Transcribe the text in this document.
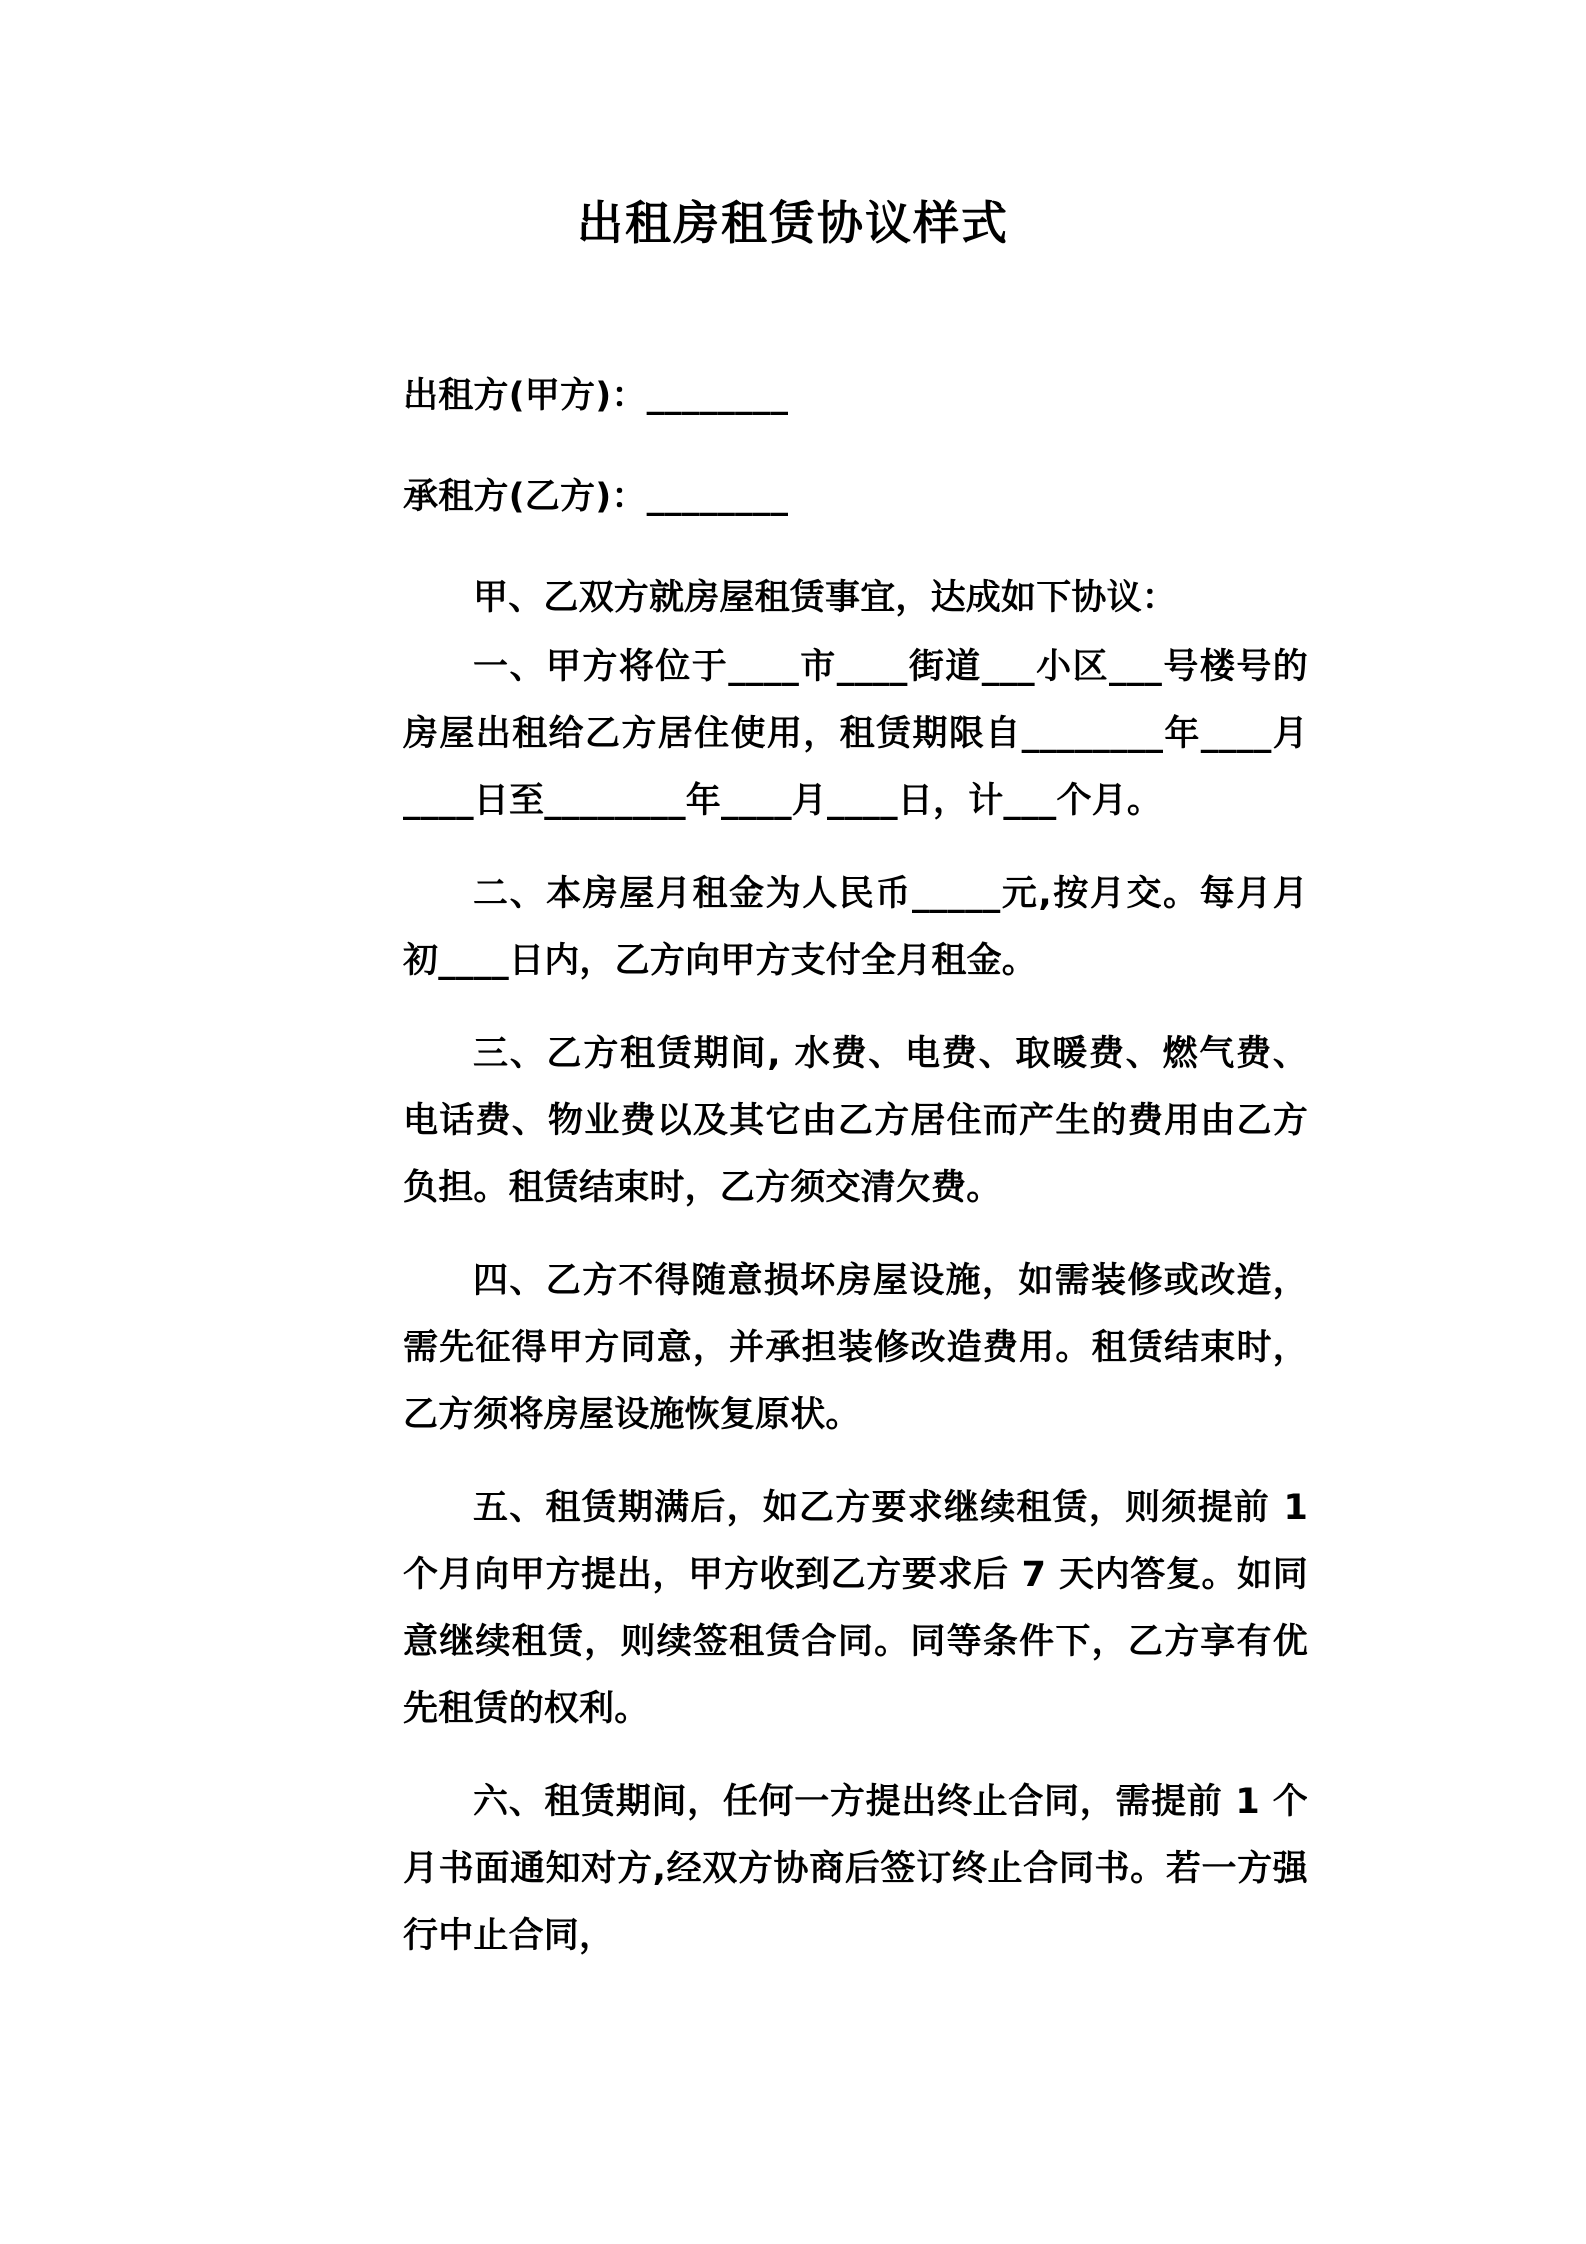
出租房租赁协议样式

出租方(甲方)：________

承租方(乙方)：________

甲、乙双方就房屋租赁事宜，达成如下协议：

一、甲方将位于____市____街道___小区___号楼号的房屋出租给乙方居住使用，租赁期限自________年____月____日至________年____月____日，计___个月。

二、本房屋月租金为人民币_____元,按月交。每月月初____日内，乙方向甲方支付全月租金。

三、乙方租赁期间, 水费、电费、取暖费、燃气费、电话费、物业费以及其它由乙方居住而产生的费用由乙方负担。租赁结束时，乙方须交清欠费。

四、乙方不得随意损坏房屋设施，如需装修或改造，需先征得甲方同意，并承担装修改造费用。租赁结束时，乙方须将房屋设施恢复原状。

五、租赁期满后，如乙方要求继续租赁，则须提前 1 个月向甲方提出，甲方收到乙方要求后 7 天内答复。如同意继续租赁，则续签租赁合同。同等条件下，乙方享有优先租赁的权利。

六、租赁期间，任何一方提出终止合同，需提前 1 个月书面通知对方,经双方协商后签订终止合同书。若一方强行中止合同，
